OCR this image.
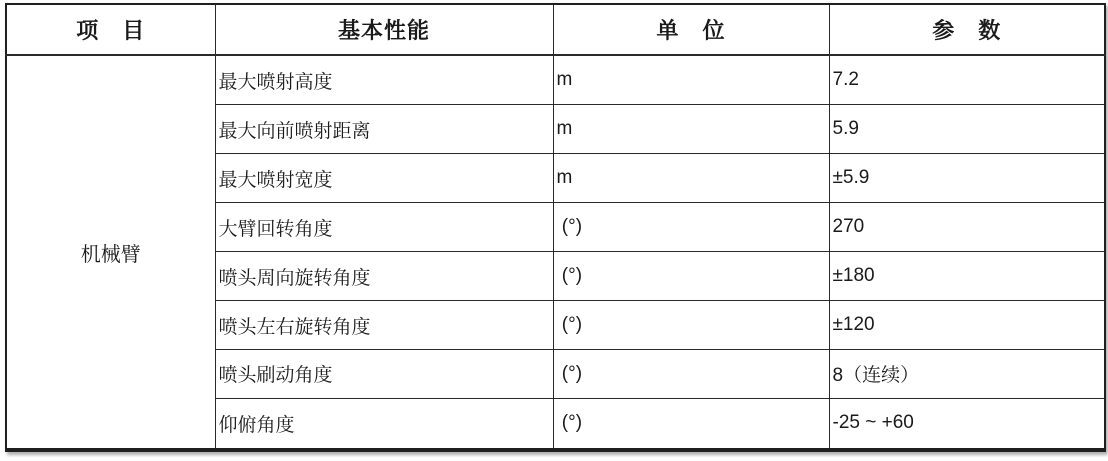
项　目	基本性能	单　位	参　数
机械臂	最大喷射高度	m	7.2
	最大向前喷射距离	m	5.9
	最大喷射宽度	m	±5.9
	大臂回转角度	(°)	270
	喷头周向旋转角度	(°)	±180
	喷头左右旋转角度	(°)	±120
	喷头刷动角度	(°)	8（连续）
	仰俯角度	(°)	-25 ~ +60
